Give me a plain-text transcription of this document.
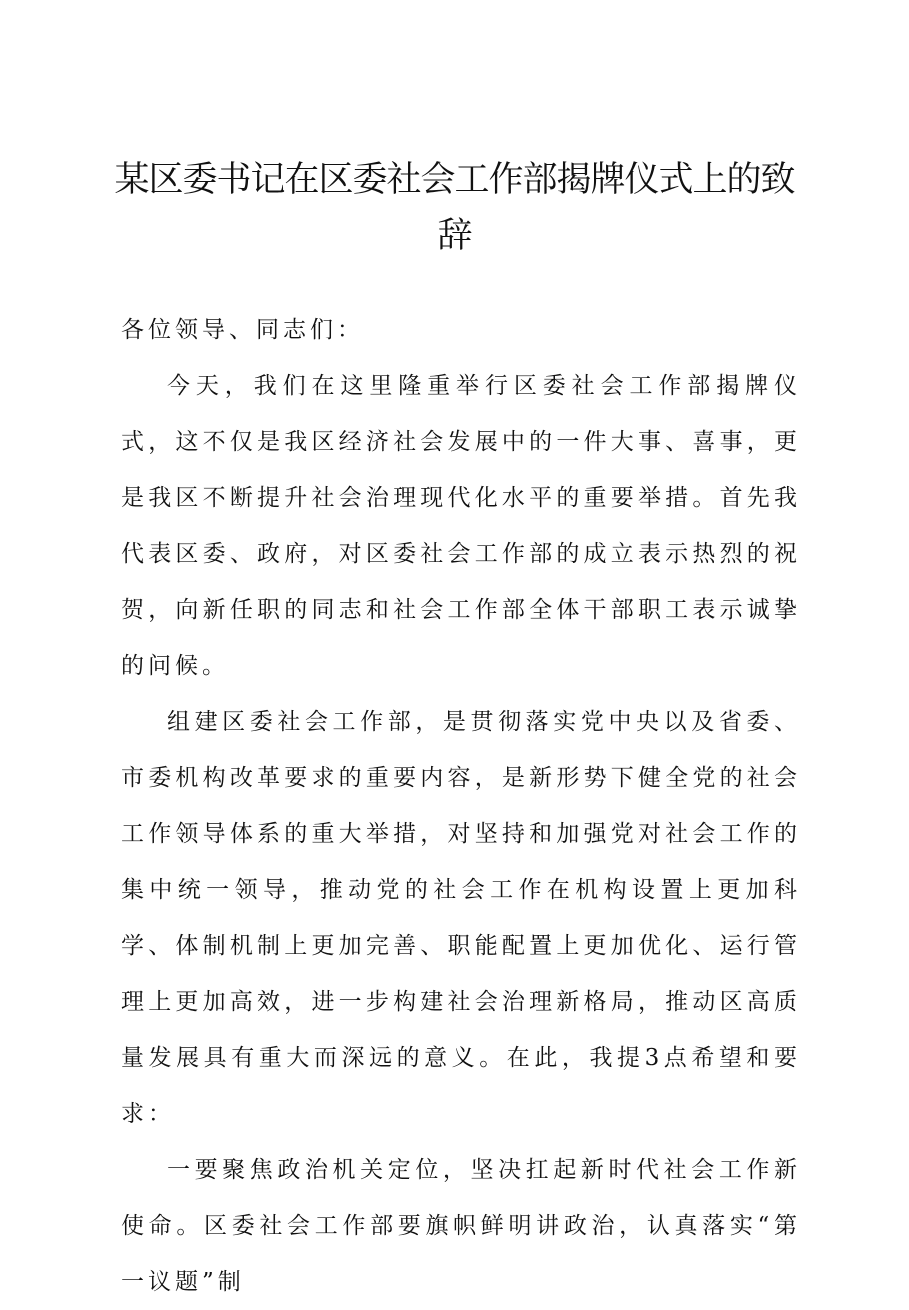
某区委书记在区委社会工作部揭牌仪式上的致辞

各位领导、同志们：

今天，我们在这里隆重举行区委社会工作部揭牌仪式，这不仅是我区经济社会发展中的一件大事、喜事，更是我区不断提升社会治理现代化水平的重要举措。首先我代表区委、政府，对区委社会工作部的成立表示热烈的祝贺，向新任职的同志和社会工作部全体干部职工表示诚挚的问候。

组建区委社会工作部，是贯彻落实党中央以及省委、市委机构改革要求的重要内容，是新形势下健全党的社会工作领导体系的重大举措，对坚持和加强党对社会工作的集中统一领导，推动党的社会工作在机构设置上更加科学、体制机制上更加完善、职能配置上更加优化、运行管理上更加高效，进一步构建社会治理新格局，推动区高质量发展具有重大而深远的意义。在此，我提3点希望和要求：

一要聚焦政治机关定位，坚决扛起新时代社会工作新使命。区委社会工作部要旗帜鲜明讲政治，认真落实“第一议题”制
